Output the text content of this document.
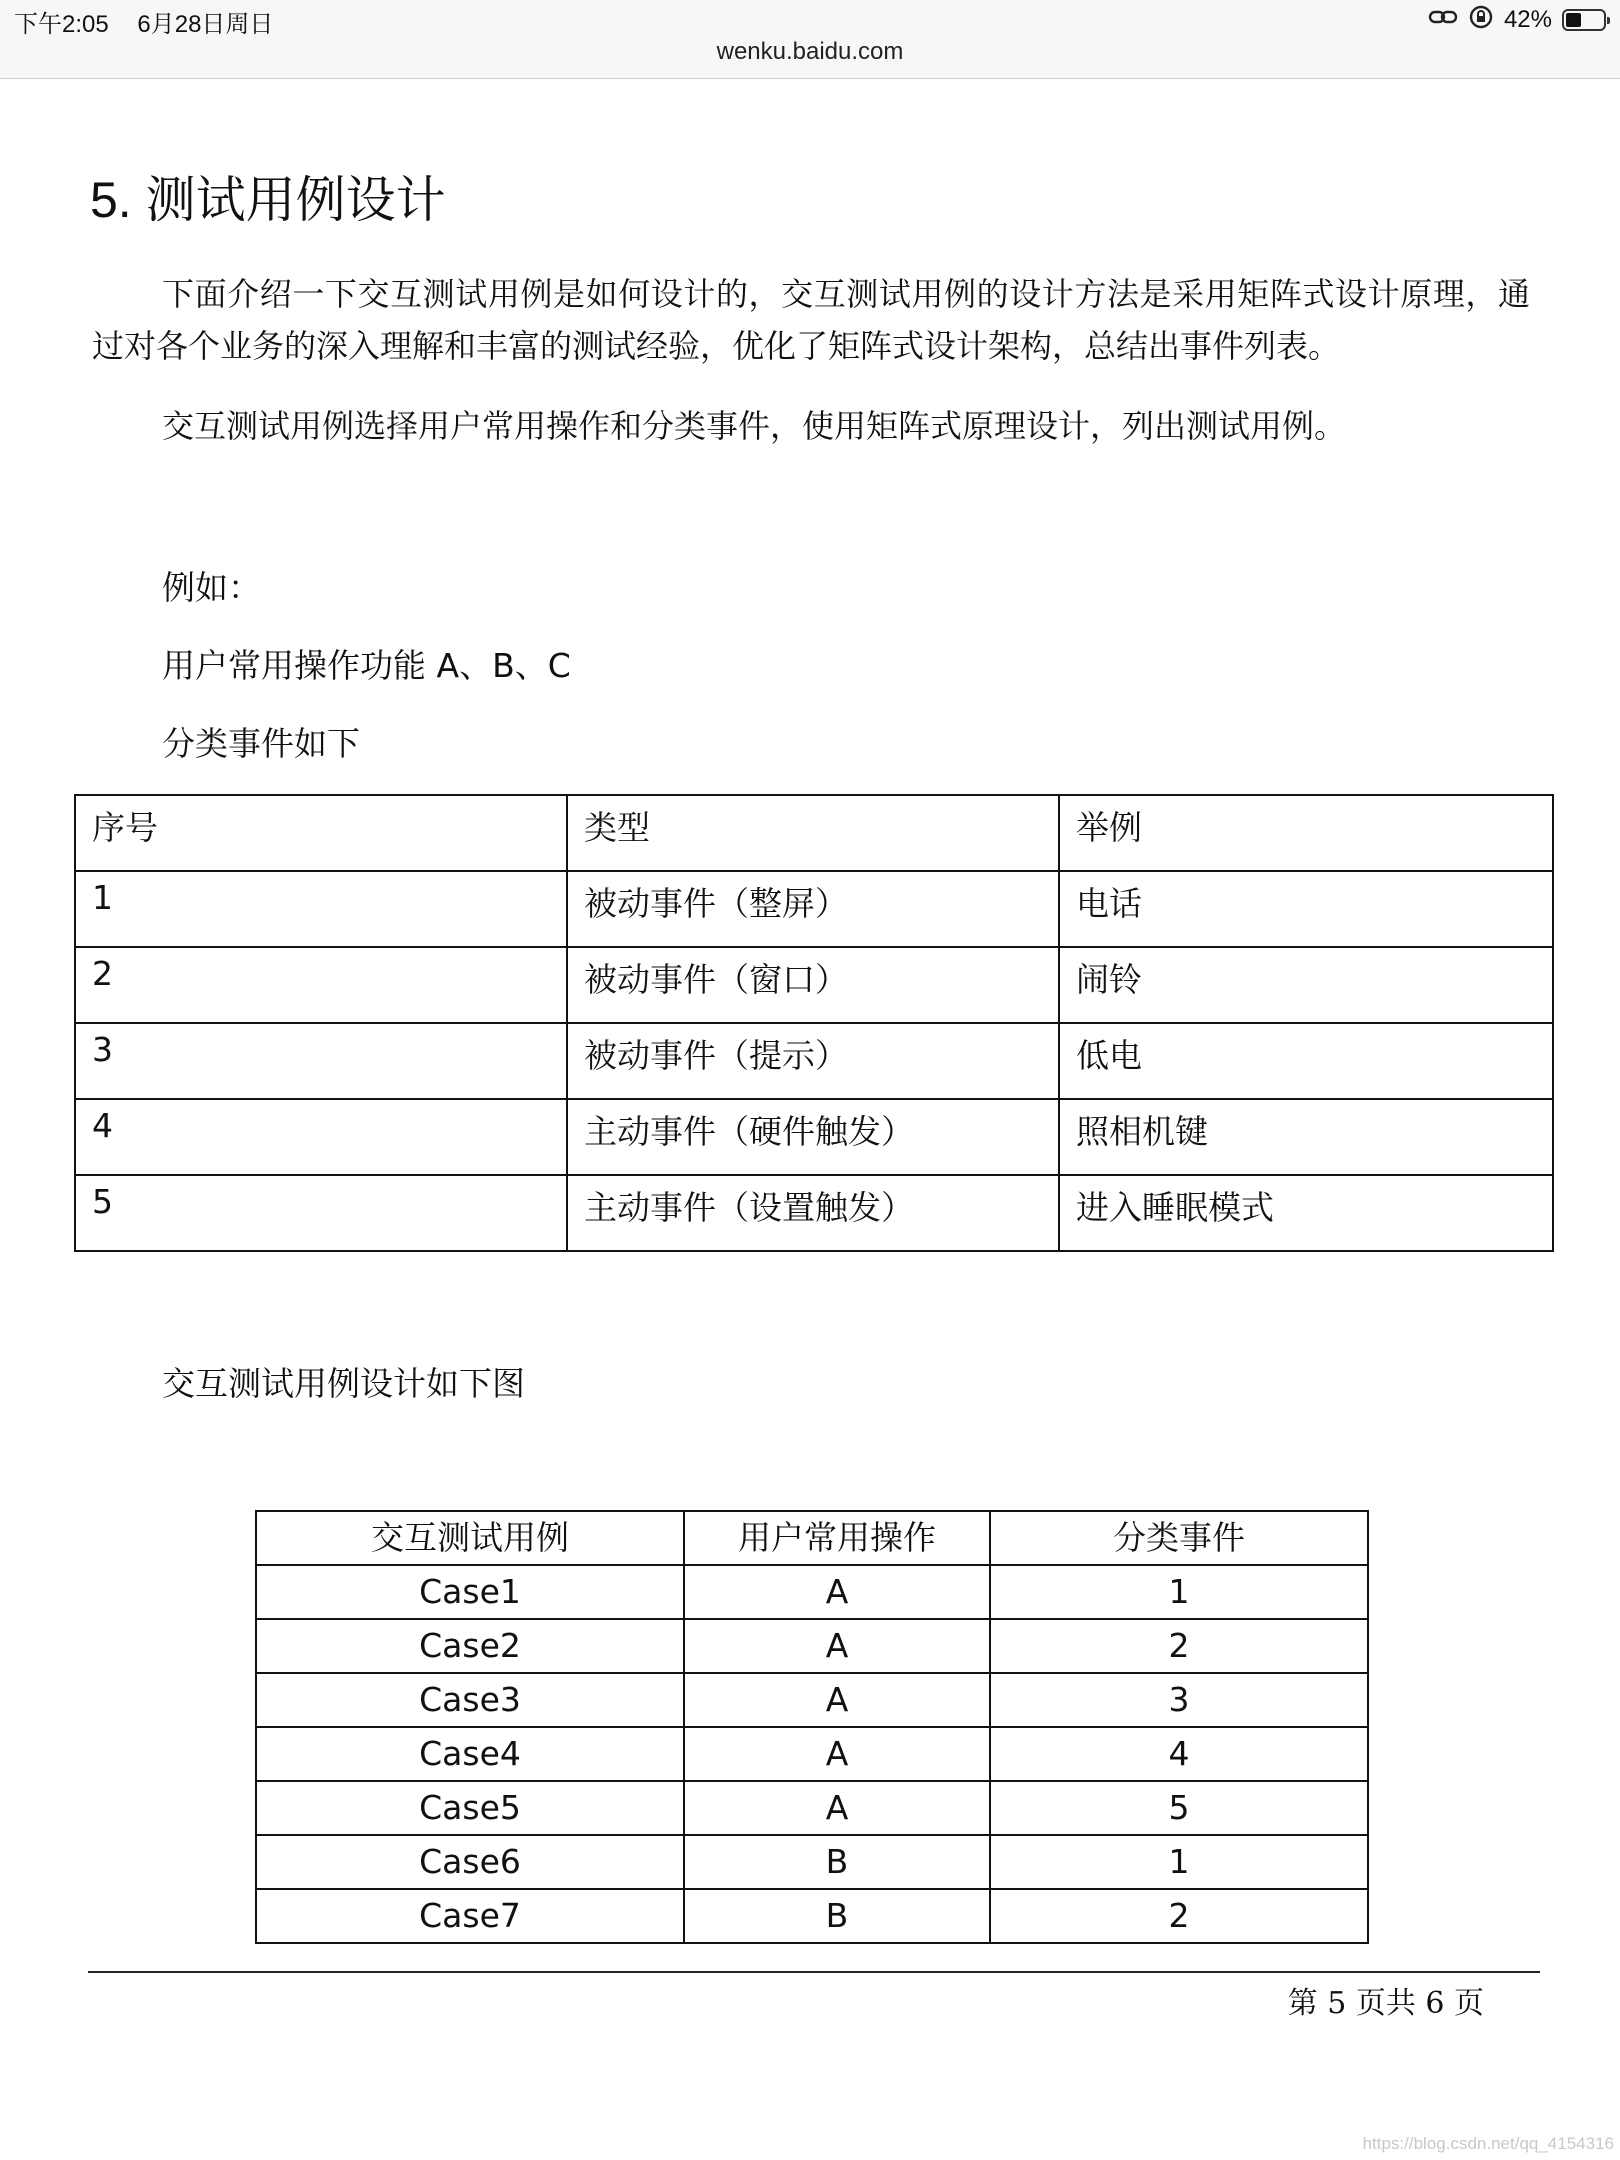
下午2:05 6月28日周日	42%
wenku.baidu.com
5. 测试用例设计
下面介绍一下交互测试用例是如何设计的，交互测试用例的设计方法是采用矩阵式设计原理，通过对各个业务的深入理解和丰富的测试经验，优化了矩阵式设计架构，总结出事件列表。
交互测试用例选择用户常用操作和分类事件，使用矩阵式原理设计，列出测试用例。
例如：
用户常用操作功能 A、B、C
分类事件如下
序号	类型	举例
1	被动事件（整屏）	电话
2	被动事件（窗口）	闹铃
3	被动事件（提示）	低电
4	主动事件（硬件触发）	照相机键
5	主动事件（设置触发）	进入睡眠模式
交互测试用例设计如下图
交互测试用例	用户常用操作	分类事件
Case1	A	1
Case2	A	2
Case3	A	3
Case4	A	4
Case5	A	5
Case6	B	1
Case7	B	2
第 5 页共 6 页
https://blog.csdn.net/qq_4154316
